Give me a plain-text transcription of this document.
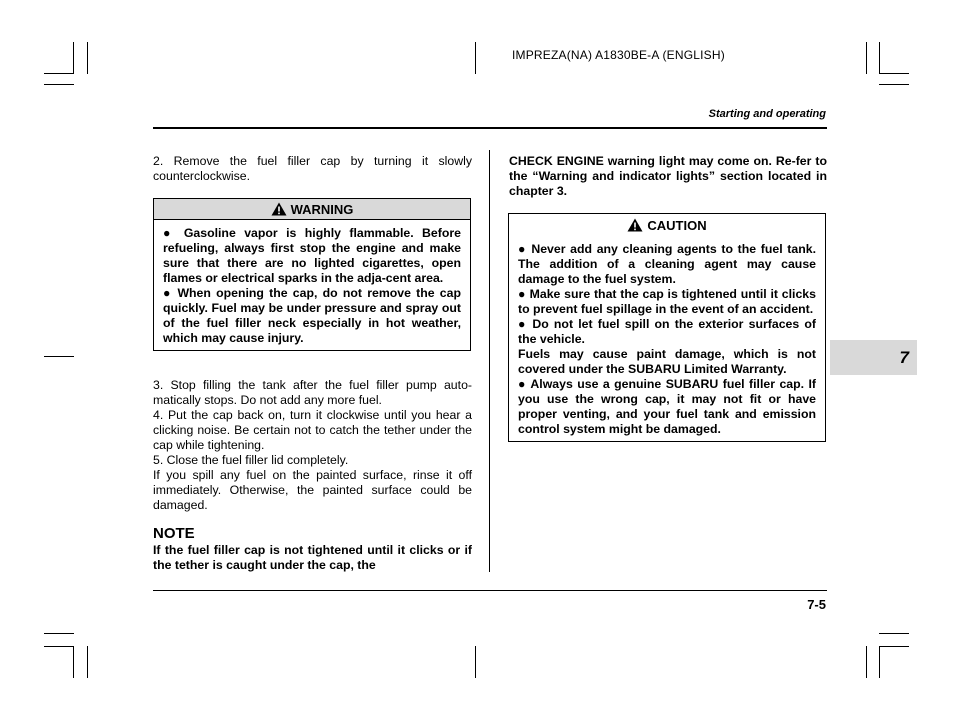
IMPREZA(NA) A1830BE-A (ENGLISH)
Starting and operating

2. Remove the fuel filler cap by turning it slowly counterclockwise.

WARNING

● Gasoline vapor is highly flammable. Before refueling, always first stop the engine and make sure that there are no lighted cigarettes, open flames or electrical sparks in the adja-cent area.

● When opening the cap, do not remove the cap quickly. Fuel may be under pressure and spray out of the fuel filler neck especially in hot weather, which may cause injury.

3. Stop filling the tank after the fuel filler pump auto-matically stops. Do not add any more fuel.

4. Put the cap back on, turn it clockwise until you hear a clicking noise. Be certain not to catch the tether under the cap while tightening.

5. Close the fuel filler lid completely.

If you spill any fuel on the painted surface, rinse it off immediately. Otherwise, the painted surface could be damaged.

NOTE

If the fuel filler cap is not tightened until it clicks or if the tether is caught under the cap, the

CHECK ENGINE warning light may come on. Re-fer to the “Warning and indicator lights” section located in chapter 3.

CAUTION

● Never add any cleaning agents to the fuel tank. The addition of a cleaning agent may cause damage to the fuel system.

● Make sure that the cap is tightened until it clicks to prevent fuel spillage in the event of an accident.

● Do not let fuel spill on the exterior surfaces of the vehicle.

Fuels may cause paint damage, which is not covered under the SUBARU Limited Warranty.

● Always use a genuine SUBARU fuel filler cap. If you use the wrong cap, it may not fit or have proper venting, and your fuel tank and emission control system might be damaged.

7
7-5
